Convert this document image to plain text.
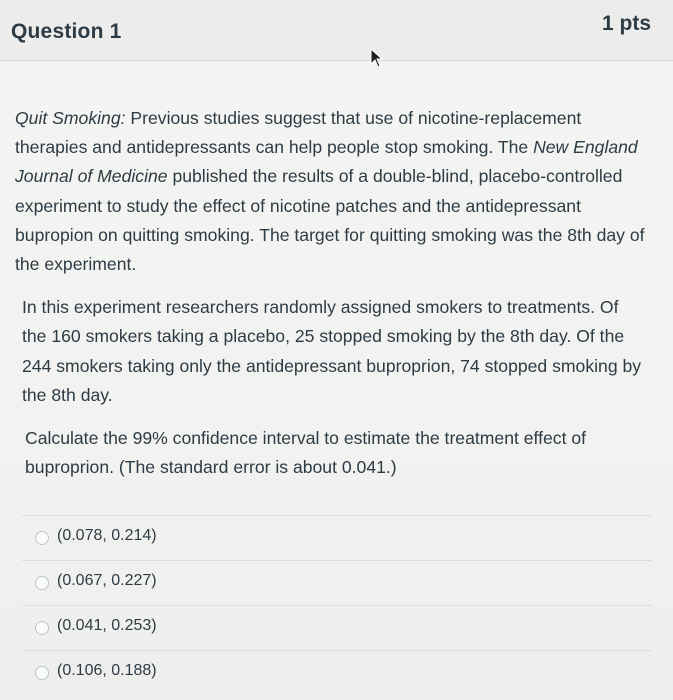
Question 1	1 pts

Quit Smoking: Previous studies suggest that use of nicotine-replacement therapies and antidepressants can help people stop smoking. The New England Journal of Medicine published the results of a double-blind, placebo-controlled experiment to study the effect of nicotine patches and the antidepressant bupropion on quitting smoking. The target for quitting smoking was the 8th day of the experiment.

In this experiment researchers randomly assigned smokers to treatments. Of the 160 smokers taking a placebo, 25 stopped smoking by the 8th day. Of the 244 smokers taking only the antidepressant buproprion, 74 stopped smoking by the 8th day.

Calculate the 99% confidence interval to estimate the treatment effect of buproprion. (The standard error is about 0.041.)

(0.078, 0.214)
(0.067, 0.227)
(0.041, 0.253)
(0.106, 0.188)
